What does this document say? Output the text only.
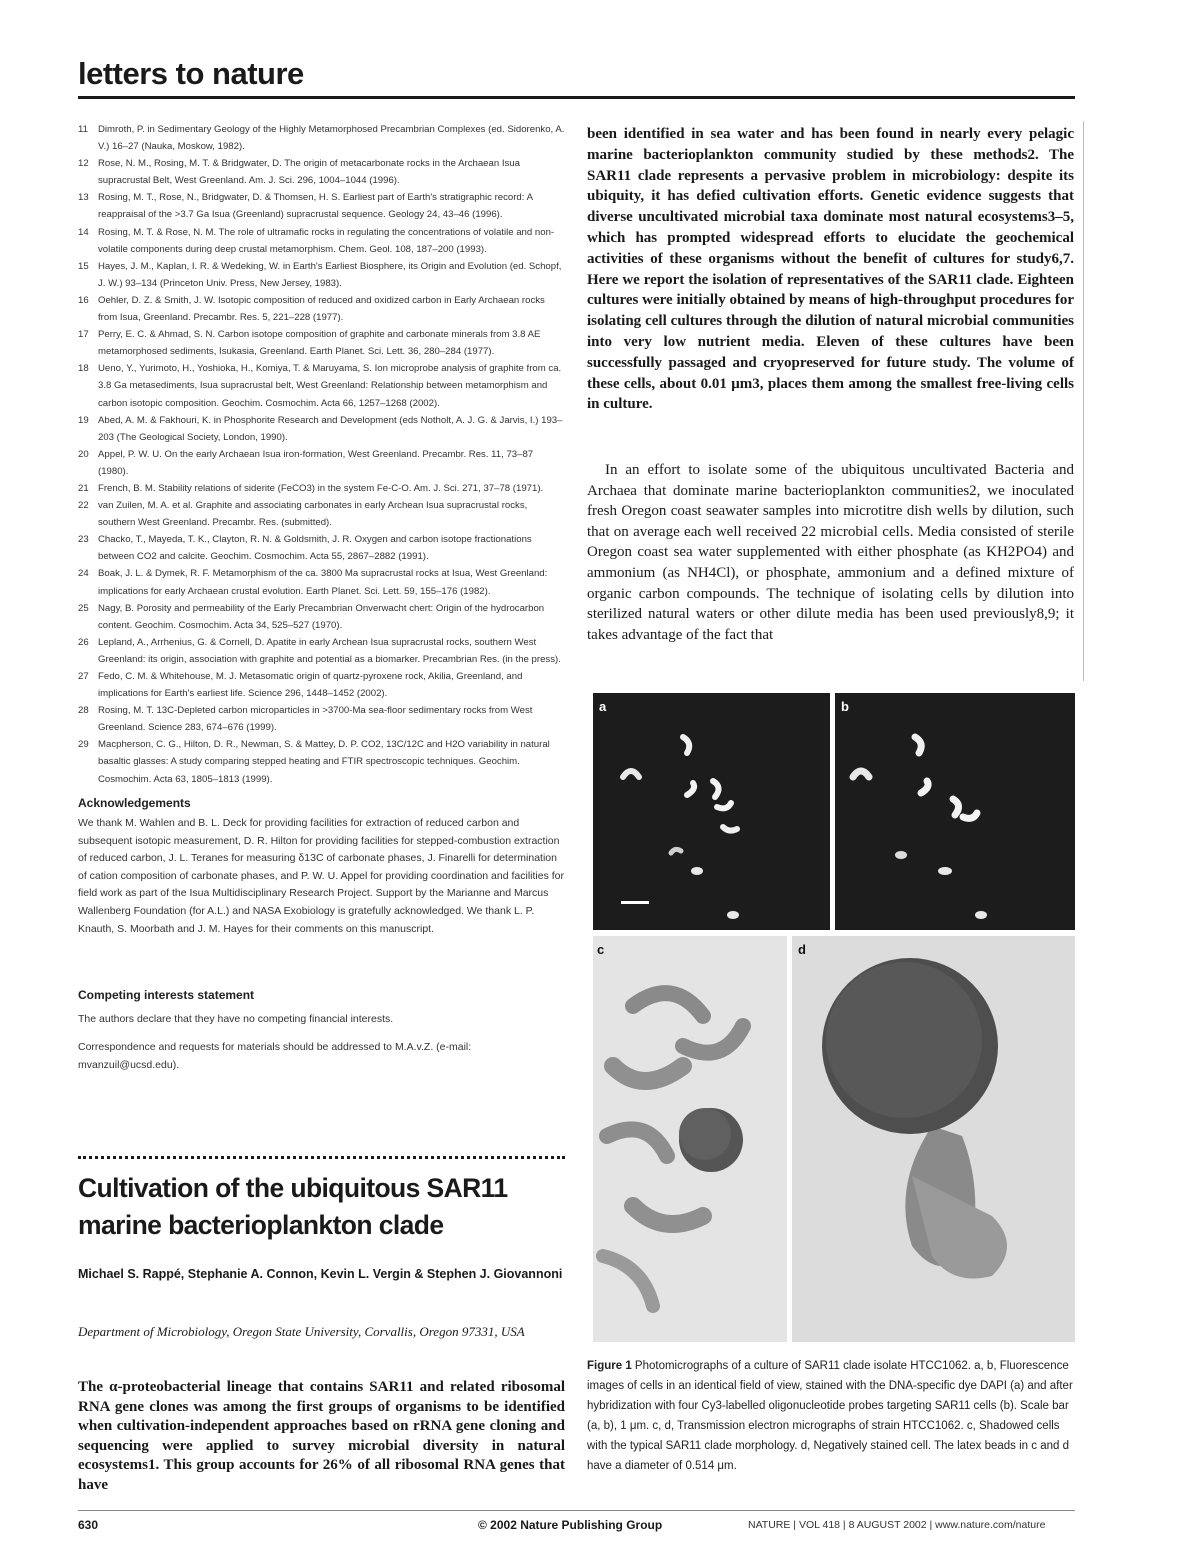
letters to nature
11	Dimroth, P. in Sedimentary Geology of the Highly Metamorphosed Precambrian Complexes (ed. Sidorenko, A. V.) 16–27 (Nauka, Moskow, 1982).
12 Rose, N. M., Rosing, M. T. & Bridgwater, D. The origin of metacarbonate rocks in the Archaean Isua supracrustal Belt, West Greenland. Am. J. Sci. 296, 1004–1044 (1996).
13 Rosing, M. T., Rose, N., Bridgwater, D. & Thomsen, H. S. Earliest part of Earth's stratigraphic record: A reappraisal of the >3.7 Ga Isua (Greenland) supracrustal sequence. Geology 24, 43–46 (1996).
14 Rosing, M. T. & Rose, N. M. The role of ultramafic rocks in regulating the concentrations of volatile and non-volatile components during deep crustal metamorphism. Chem. Geol. 108, 187–200 (1993).
15 Hayes, J. M., Kaplan, I. R. & Wedeking, W. in Earth's Earliest Biosphere, its Origin and Evolution (ed. Schopf, J. W.) 93–134 (Princeton Univ. Press, New Jersey, 1983).
16 Oehler, D. Z. & Smith, J. W. Isotopic composition of reduced and oxidized carbon in Early Archaean rocks from Isua, Greenland. Precambr. Res. 5, 221–228 (1977).
17 Perry, E. C. & Ahmad, S. N. Carbon isotope composition of graphite and carbonate minerals from 3.8 AE metamorphosed sediments, Isukasia, Greenland. Earth Planet. Sci. Lett. 36, 280–284 (1977).
18 Ueno, Y., Yurimoto, H., Yoshioka, H., Komiya, T. & Maruyama, S. Ion microprobe analysis of graphite from ca. 3.8 Ga metasediments, Isua supracrustal belt, West Greenland: Relationship between metamorphism and carbon isotopic composition. Geochim. Cosmochim. Acta 66, 1257–1268 (2002).
19 Abed, A. M. & Fakhouri, K. in Phosphorite Research and Development (eds Notholt, A. J. G. & Jarvis, I.) 193–203 (The Geological Society, London, 1990).
20 Appel, P. W. U. On the early Archaean Isua iron-formation, West Greenland. Precambr. Res. 11, 73–87 (1980).
21 French, B. M. Stability relations of siderite (FeCO3) in the system Fe-C-O. Am. J. Sci. 271, 37–78 (1971).
22 van Zuilen, M. A. et al. Graphite and associating carbonates in early Archean Isua supracrustal rocks, southern West Greenland. Precambr. Res. (submitted).
23 Chacko, T., Mayeda, T. K., Clayton, R. N. & Goldsmith, J. R. Oxygen and carbon isotope fractionations between CO2 and calcite. Geochim. Cosmochim. Acta 55, 2867–2882 (1991).
24 Boak, J. L. & Dymek, R. F. Metamorphism of the ca. 3800 Ma supracrustal rocks at Isua, West Greenland: implications for early Archaean crustal evolution. Earth Planet. Sci. Lett. 59, 155–176 (1982).
25 Nagy, B. Porosity and permeability of the Early Precambrian Onverwacht chert: Origin of the hydrocarbon content. Geochim. Cosmochim. Acta 34, 525–527 (1970).
26 Lepland, A., Arrhenius, G. & Cornell, D. Apatite in early Archean Isua supracrustal rocks, southern West Greenland: its origin, association with graphite and potential as a biomarker. Precambrian Res. (in the press).
27 Fedo, C. M. & Whitehouse, M. J. Metasomatic origin of quartz-pyroxene rock, Akilia, Greenland, and implications for Earth's earliest life. Science 296, 1448–1452 (2002).
28 Rosing, M. T. 13C-Depleted carbon microparticles in >3700-Ma sea-floor sedimentary rocks from West Greenland. Science 283, 674–676 (1999).
29 Macpherson, C. G., Hilton, D. R., Newman, S. & Mattey, D. P. CO2, 13C/12C and H2O variability in natural basaltic glasses: A study comparing stepped heating and FTIR spectroscopic techniques. Geochim. Cosmochim. Acta 63, 1805–1813 (1999).
Acknowledgements
We thank M. Wahlen and B. L. Deck for providing facilities for extraction of reduced carbon and subsequent isotopic measurement, D. R. Hilton for providing facilities for stepped-combustion extraction of reduced carbon, J. L. Teranes for measuring δ13C of carbonate phases, J. Finarelli for determination of cation composition of carbonate phases, and P. W. U. Appel for providing coordination and facilities for field work as part of the Isua Multidisciplinary Research Project. Support by the Marianne and Marcus Wallenberg Foundation (for A.L.) and NASA Exobiology is gratefully acknowledged. We thank L. P. Knauth, S. Moorbath and J. M. Hayes for their comments on this manuscript.
Competing interests statement
The authors declare that they have no competing financial interests.
Correspondence and requests for materials should be addressed to M.A.v.Z. (e-mail: mvanzuil@ucsd.edu).
Cultivation of the ubiquitous SAR11 marine bacterioplankton clade
Michael S. Rappé, Stephanie A. Connon, Kevin L. Vergin & Stephen J. Giovannoni
Department of Microbiology, Oregon State University, Corvallis, Oregon 97331, USA
The α-proteobacterial lineage that contains SAR11 and related ribosomal RNA gene clones was among the first groups of organisms to be identified when cultivation-independent approaches based on rRNA gene cloning and sequencing were applied to survey microbial diversity in natural ecosystems1. This group accounts for 26% of all ribosomal RNA genes that have
been identified in sea water and has been found in nearly every pelagic marine bacterioplankton community studied by these methods2. The SAR11 clade represents a pervasive problem in microbiology: despite its ubiquity, it has defied cultivation efforts. Genetic evidence suggests that diverse uncultivated microbial taxa dominate most natural ecosystems3–5, which has prompted widespread efforts to elucidate the geochemical activities of these organisms without the benefit of cultures for study6,7. Here we report the isolation of representatives of the SAR11 clade. Eighteen cultures were initially obtained by means of high-throughput procedures for isolating cell cultures through the dilution of natural microbial communities into very low nutrient media. Eleven of these cultures have been successfully passaged and cryopreserved for future study. The volume of these cells, about 0.01 μm3, places them among the smallest free-living cells in culture.
In an effort to isolate some of the ubiquitous uncultivated Bacteria and Archaea that dominate marine bacterioplankton communities2, we inoculated fresh Oregon coast seawater samples into microtitre dish wells by dilution, such that on average each well received 22 microbial cells. Media consisted of sterile Oregon coast sea water supplemented with either phosphate (as KH2PO4) and ammonium (as NH4Cl), or phosphate, ammonium and a defined mixture of organic carbon compounds. The technique of isolating cells by dilution into sterilized natural waters or other dilute media has been used previously8,9; it takes advantage of the fact that
a	b
c	d
Figure 1 Photomicrographs of a culture of SAR11 clade isolate HTCC1062. a, b, Fluorescence images of cells in an identical field of view, stained with the DNA-specific dye DAPI (a) and after hybridization with four Cy3-labelled oligonucleotide probes targeting SAR11 cells (b). Scale bar (a, b), 1 μm. c, d, Transmission electron micrographs of strain HTCC1062. c, Shadowed cells with the typical SAR11 clade morphology. d, Negatively stained cell. The latex beads in c and d have a diameter of 0.514 μm.
630	© 2002 Nature Publishing Group	NATURE | VOL 418 | 8 AUGUST 2002 | www.nature.com/nature
